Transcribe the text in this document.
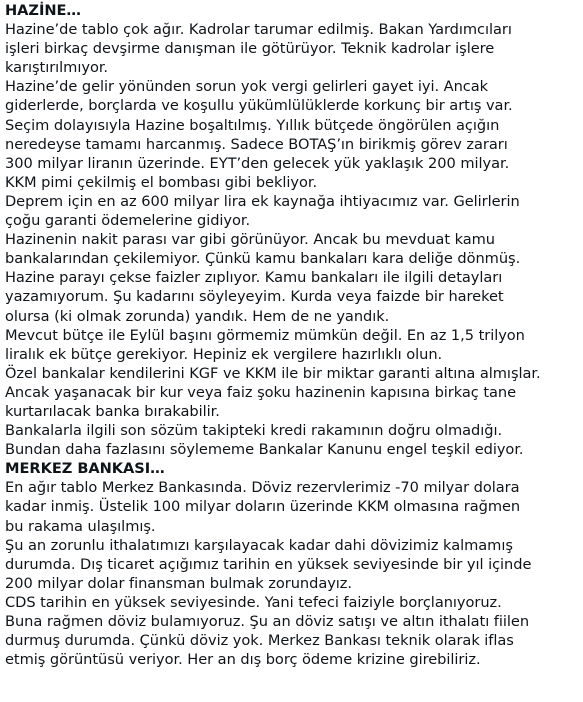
HAZİNE…
Hazine’de tablo çok ağır. Kadrolar tarumar edilmiş. Bakan Yardımcıları
işleri birkaç devşirme danışman ile götürüyor. Teknik kadrolar işlere
karıştırılmıyor.
Hazine’de gelir yönünden sorun yok vergi gelirleri gayet iyi. Ancak
giderlerde, borçlarda ve koşullu yükümlülüklerde korkunç bir artış var.
Seçim dolayısıyla Hazine boşaltılmış. Yıllık bütçede öngörülen açığın
neredeyse tamamı harcanmış. Sadece BOTAŞ’ın birikmiş görev zararı
300 milyar liranın üzerinde. EYT’den gelecek yük yaklaşık 200 milyar.
KKM pimi çekilmiş el bombası gibi bekliyor.
Deprem için en az 600 milyar lira ek kaynağa ihtiyacımız var. Gelirlerin
çoğu garanti ödemelerine gidiyor.
Hazinenin nakit parası var gibi görünüyor. Ancak bu mevduat kamu
bankalarından çekilemiyor. Çünkü kamu bankaları kara deliğe dönmüş.
Hazine parayı çekse faizler zıplıyor. Kamu bankaları ile ilgili detayları
yazamıyorum. Şu kadarını söyleyeyim. Kurda veya faizde bir hareket
olursa (ki olmak zorunda) yandık. Hem de ne yandık.
Mevcut bütçe ile Eylül başını görmemiz mümkün değil. En az 1,5 trilyon
liralık ek bütçe gerekiyor. Hepiniz ek vergilere hazırlıklı olun.
Özel bankalar kendilerini KGF ve KKM ile bir miktar garanti altına almışlar.
Ancak yaşanacak bir kur veya faiz şoku hazinenin kapısına birkaç tane
kurtarılacak banka bırakabilir.
Bankalarla ilgili son sözüm takipteki kredi rakamının doğru olmadığı.
Bundan daha fazlasını söylememe Bankalar Kanunu engel teşkil ediyor.
MERKEZ BANKASI…
En ağır tablo Merkez Bankasında. Döviz rezervlerimiz -70 milyar dolara
kadar inmiş. Üstelik 100 milyar doların üzerinde KKM olmasına rağmen
bu rakama ulaşılmış.
Şu an zorunlu ithalatımızı karşılayacak kadar dahi dövizimiz kalmamış
durumda. Dış ticaret açığımız tarihin en yüksek seviyesinde bir yıl içinde
200 milyar dolar finansman bulmak zorundayız.
CDS tarihin en yüksek seviyesinde. Yani tefeci faiziyle borçlanıyoruz.
Buna rağmen döviz bulamıyoruz. Şu an döviz satışı ve altın ithalatı fiilen
durmuş durumda. Çünkü döviz yok. Merkez Bankası teknik olarak iflas
etmiş görüntüsü veriyor. Her an dış borç ödeme krizine girebiliriz.
